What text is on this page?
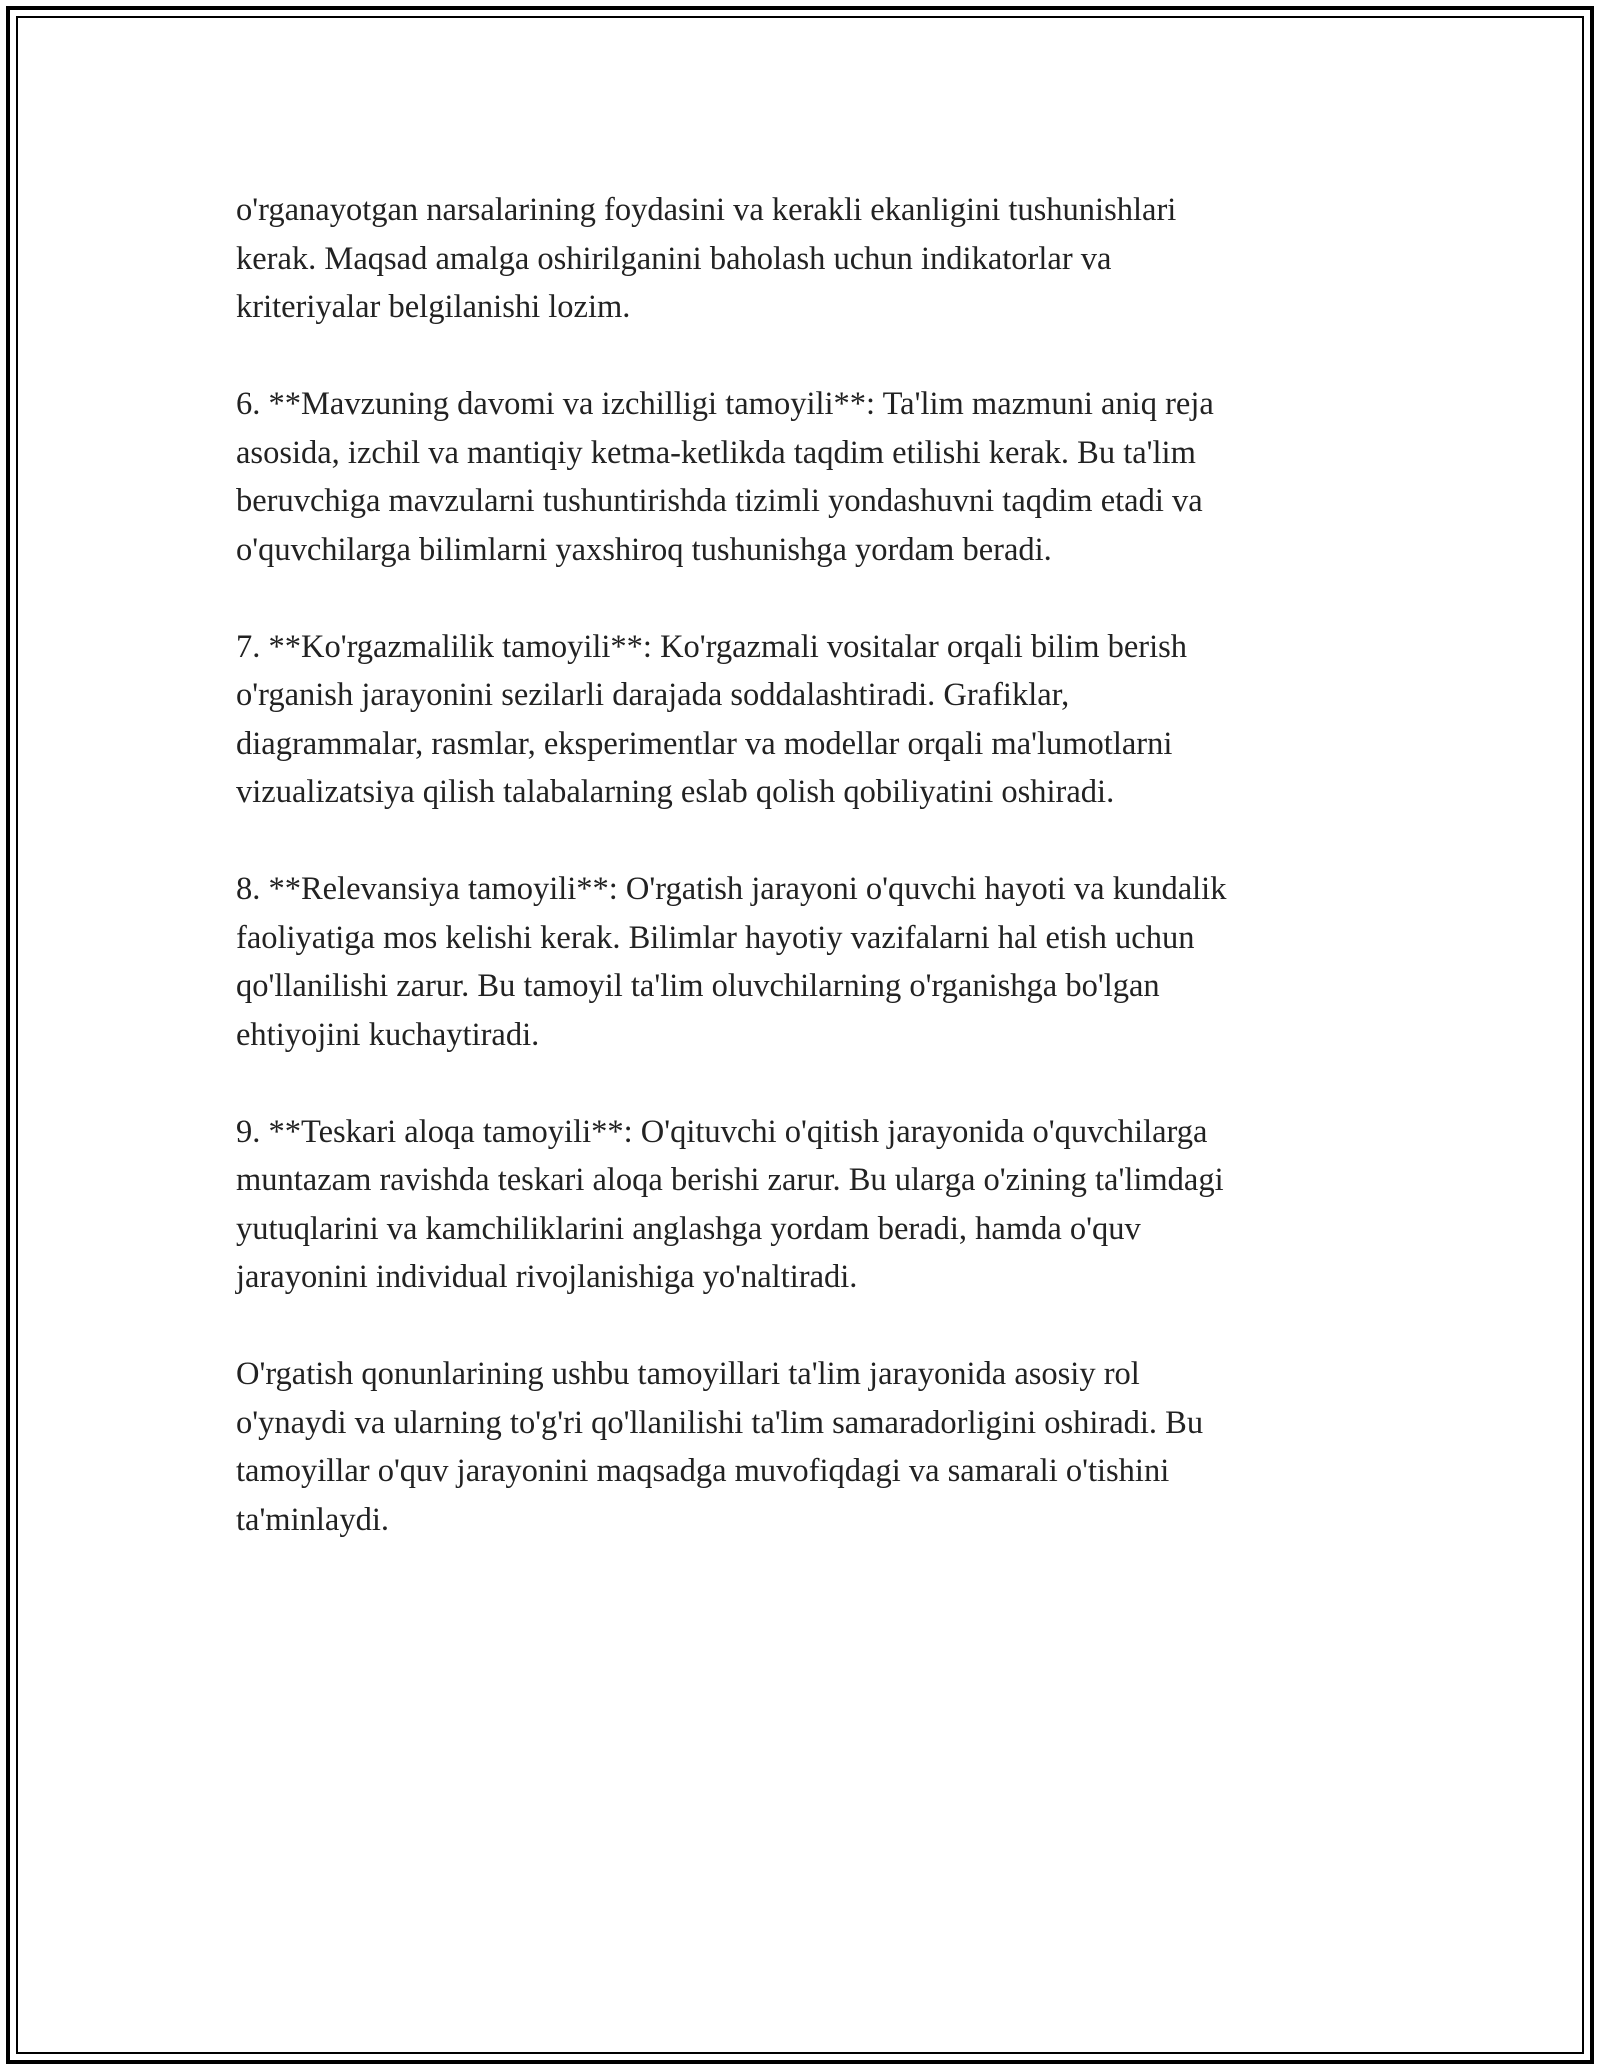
o'rganayotgan narsalarining foydasini va kerakli ekanligini tushunishlari
kerak. Maqsad amalga oshirilganini baholash uchun indikatorlar va
kriteriyalar belgilanishi lozim.

6. **Mavzuning davomi va izchilligi tamoyili**: Ta'lim mazmuni aniq reja
asosida, izchil va mantiqiy ketma-ketlikda taqdim etilishi kerak. Bu ta'lim
beruvchiga mavzularni tushuntirishda tizimli yondashuvni taqdim etadi va
o'quvchilarga bilimlarni yaxshiroq tushunishga yordam beradi.

7. **Ko'rgazmalilik tamoyili**: Ko'rgazmali vositalar orqali bilim berish
o'rganish jarayonini sezilarli darajada soddalashtiradi. Grafiklar,
diagrammalar, rasmlar, eksperimentlar va modellar orqali ma'lumotlarni
vizualizatsiya qilish talabalarning eslab qolish qobiliyatini oshiradi.

8. **Relevansiya tamoyili**: O'rgatish jarayoni o'quvchi hayoti va kundalik
faoliyatiga mos kelishi kerak. Bilimlar hayotiy vazifalarni hal etish uchun
qo'llanilishi zarur. Bu tamoyil ta'lim oluvchilarning o'rganishga bo'lgan
ehtiyojini kuchaytiradi.

9. **Teskari aloqa tamoyili**: O'qituvchi o'qitish jarayonida o'quvchilarga
muntazam ravishda teskari aloqa berishi zarur. Bu ularga o'zining ta'limdagi
yutuqlarini va kamchiliklarini anglashga yordam beradi, hamda o'quv
jarayonini individual rivojlanishiga yo'naltiradi.

O'rgatish qonunlarining ushbu tamoyillari ta'lim jarayonida asosiy rol
o'ynaydi va ularning to'g'ri qo'llanilishi ta'lim samaradorligini oshiradi. Bu
tamoyillar o'quv jarayonini maqsadga muvofiqdagi va samarali o'tishini
ta'minlaydi.
